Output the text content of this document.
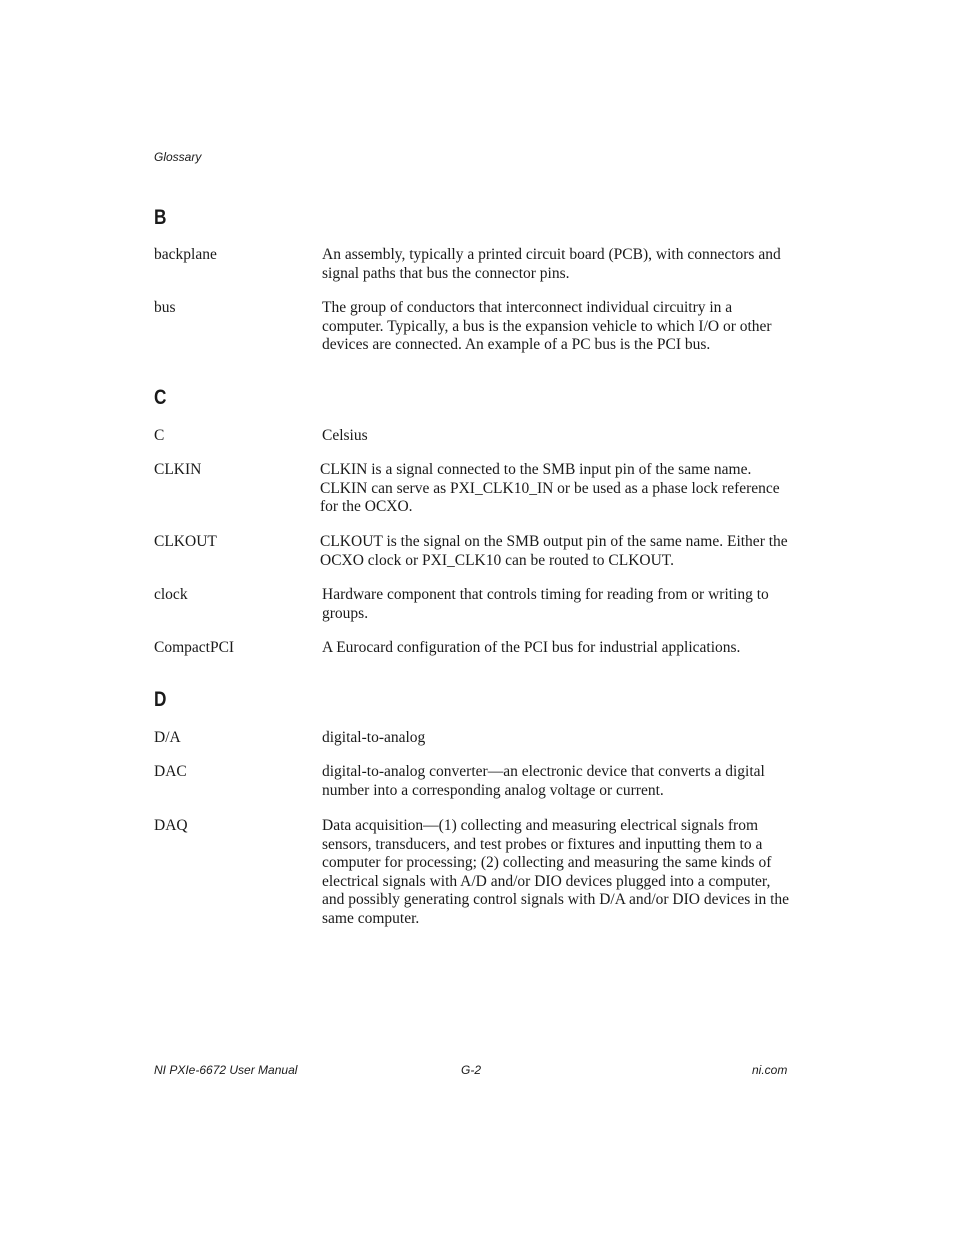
Glossary

B

backplane	An assembly, typically a printed circuit board (PCB), with connectors and signal paths that bus the connector pins.

bus	The group of conductors that interconnect individual circuitry in a computer. Typically, a bus is the expansion vehicle to which I/O or other devices are connected. An example of a PC bus is the PCI bus.

C

C	Celsius

CLKIN	CLKIN is a signal connected to the SMB input pin of the same name. CLKIN can serve as PXI_CLK10_IN or be used as a phase lock reference for the OCXO.

CLKOUT	CLKOUT is the signal on the SMB output pin of the same name. Either the OCXO clock or PXI_CLK10 can be routed to CLKOUT.

clock	Hardware component that controls timing for reading from or writing to groups.

CompactPCI	A Eurocard configuration of the PCI bus for industrial applications.

D

D/A	digital-to-analog

DAC	digital-to-analog converter—an electronic device that converts a digital number into a corresponding analog voltage or current.

DAQ	Data acquisition—(1) collecting and measuring electrical signals from sensors, transducers, and test probes or fixtures and inputting them to a computer for processing; (2) collecting and measuring the same kinds of electrical signals with A/D and/or DIO devices plugged into a computer, and possibly generating control signals with D/A and/or DIO devices in the same computer.

NI PXIe-6672 User Manual	G-2	ni.com
